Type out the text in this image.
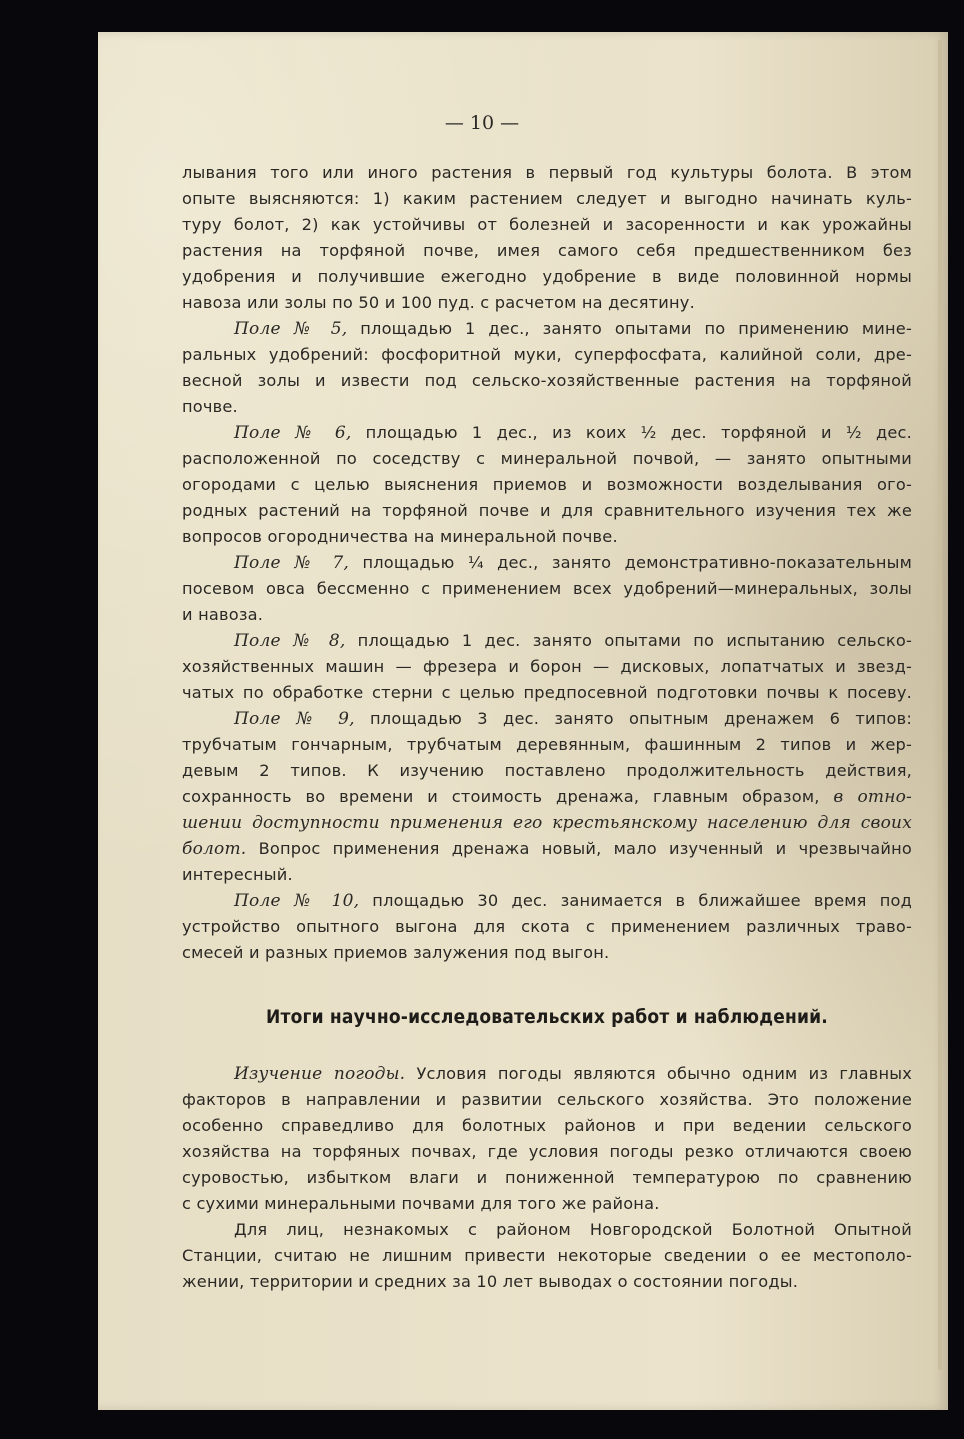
— 10 —
лывания того или иного растения в первый год культуры болота. В этом
опыте выясняются: 1) каким растением следует и выгодно начинать куль-
туру болот, 2) как устойчивы от болезней и засоренности и как урожайны
растения на торфяной почве, имея самого себя предшественником без
удобрения и получившие ежегодно удобрение в виде половинной нормы
навоза или золы по 50 и 100 пуд. с расчетом на десятину.
Поле № 5, площадью 1 дес., занято опытами по применению мине-
ральных удобрений: фосфоритной муки, суперфосфата, калийной соли, дре-
весной золы и извести под сельско-хозяйственные растения на торфяной
почве.
Поле № 6, площадью 1 дес., из коих ½ дес. торфяной и ½ дес.
расположенной по соседству с минеральной почвой, — занято опытными
огородами с целью выяснения приемов и возможности возделывания ого-
родных растений на торфяной почве и для сравнительного изучения тех же
вопросов огородничества на минеральной почве.
Поле № 7, площадью ¼ дес., занято демонстративно-показательным
посевом овса бессменно с применением всех удобрений—минеральных, золы
и навоза.
Поле № 8, площадью 1 дес. занято опытами по испытанию сельско-
хозяйственных машин — фрезера и борон — дисковых, лопатчатых и звезд-
чатых по обработке стерни с целью предпосевной подготовки почвы к посеву.
Поле № 9, площадью 3 дес. занято опытным дренажем 6 типов:
трубчатым гончарным, трубчатым деревянным, фашинным 2 типов и жер-
девым 2 типов. К изучению поставлено продолжительность действия,
сохранность во времени и стоимость дренажа, главным образом, в отно-
шении доступности применения его крестьянскому населению для своих
болот. Вопрос применения дренажа новый, мало изученный и чрезвычайно
интересный.
Поле № 10, площадью 30 дес. занимается в ближайшее время под
устройство опытного выгона для скота с применением различных траво-
смесей и разных приемов залужения под выгон.
Итоги научно-исследовательских работ и наблюдений.
Изучение погоды. Условия погоды являются обычно одним из главных
факторов в направлении и развитии сельского хозяйства. Это положение
особенно справедливо для болотных районов и при ведении сельского
хозяйства на торфяных почвах, где условия погоды резко отличаются своею
суровостью, избытком влаги и пониженной температурою по сравнению
с сухими минеральными почвами для того же района.
Для лиц, незнакомых с районом Новгородской Болотной Опытной
Станции, считаю не лишним привести некоторые сведении о ее местополо-
жении, территории и средних за 10 лет выводах о состоянии погоды.
